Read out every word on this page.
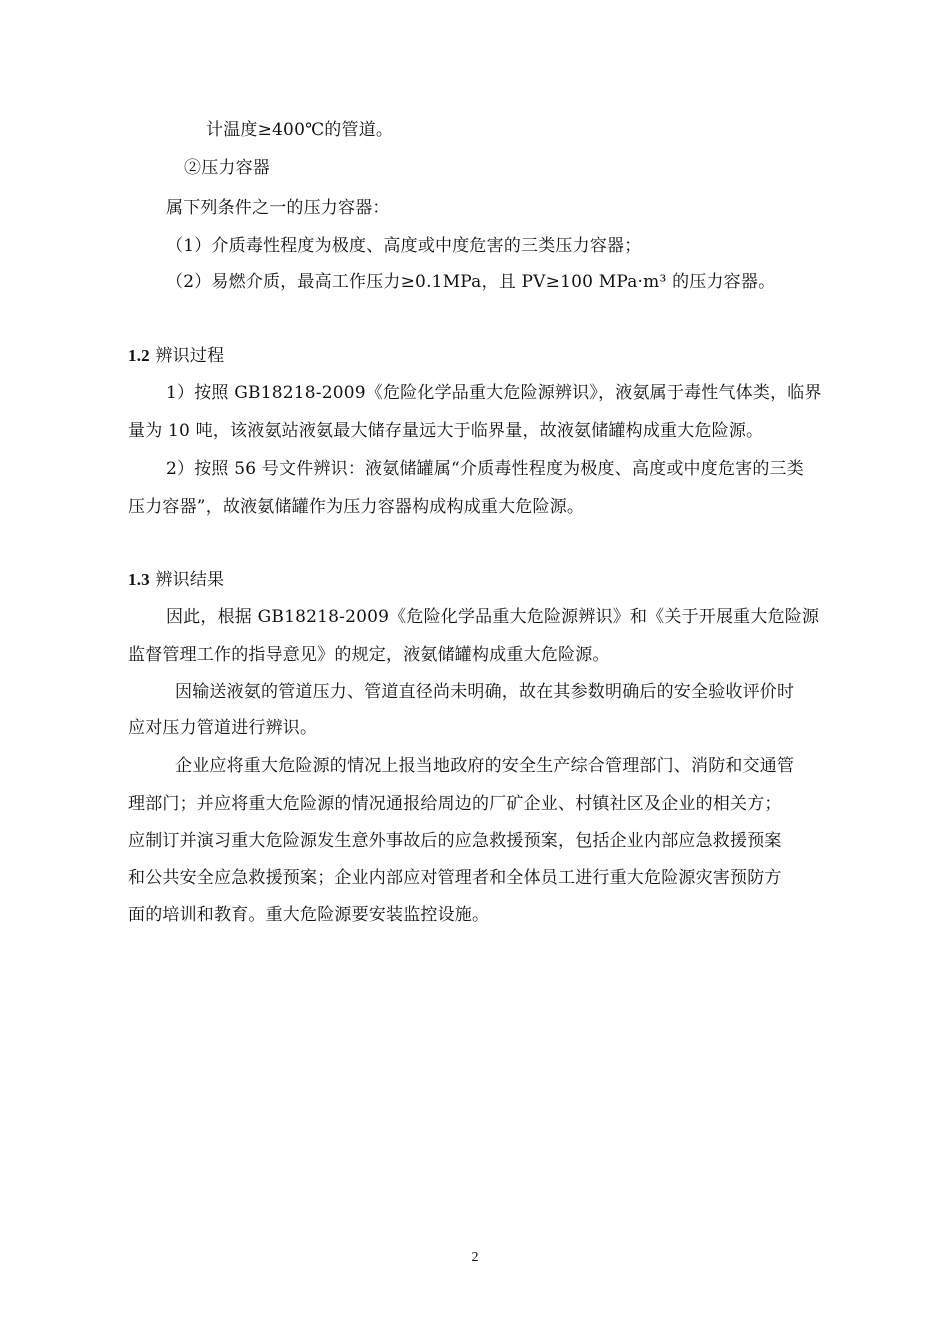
计温度≥400℃的管道。
②压力容器
属下列条件之一的压力容器：
（1）介质毒性程度为极度、高度或中度危害的三类压力容器；
（2）易燃介质，最高工作压力≥0.1MPa，且 PV≥100 MPa·m³ 的压力容器。
1.2 辨识过程
1）按照 GB18218-2009《危险化学品重大危险源辨识》，液氨属于毒性气体类，临界
量为 10 吨，该液氨站液氨最大储存量远大于临界量，故液氨储罐构成重大危险源。
2）按照 56 号文件辨识：液氨储罐属“介质毒性程度为极度、高度或中度危害的三类
压力容器”，故液氨储罐作为压力容器构成构成重大危险源。
1.3 辨识结果
因此，根据 GB18218-2009《危险化学品重大危险源辨识》和《关于开展重大危险源
监督管理工作的指导意见》的规定，液氨储罐构成重大危险源。
因输送液氨的管道压力、管道直径尚未明确，故在其参数明确后的安全验收评价时
应对压力管道进行辨识。
企业应将重大危险源的情况上报当地政府的安全生产综合管理部门、消防和交通管
理部门；并应将重大危险源的情况通报给周边的厂矿企业、村镇社区及企业的相关方；
应制订并演习重大危险源发生意外事故后的应急救援预案，包括企业内部应急救援预案
和公共安全应急救援预案；企业内部应对管理者和全体员工进行重大危险源灾害预防方
面的培训和教育。重大危险源要安装监控设施。
2
